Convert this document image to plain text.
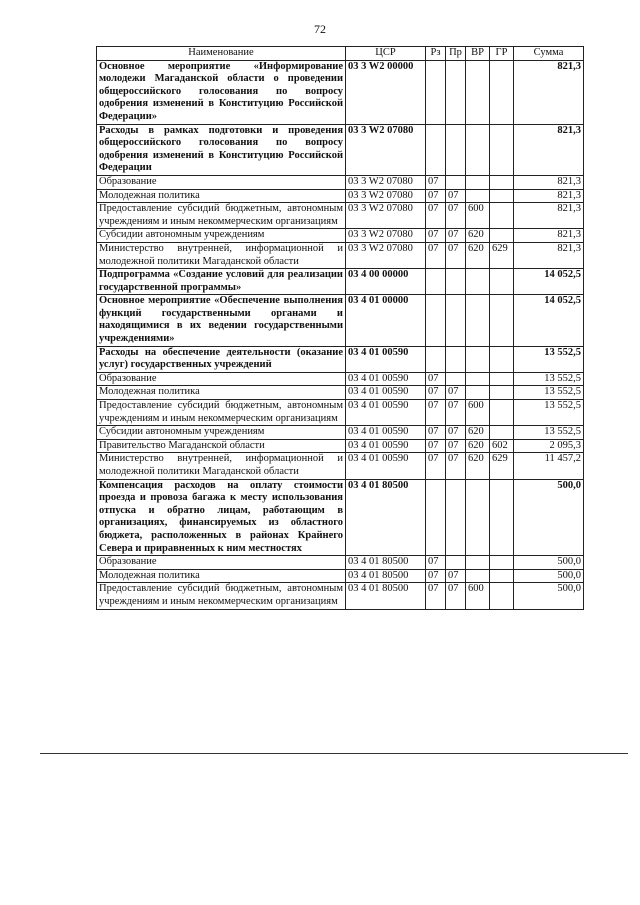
72
Наименование	ЦСР	Рз	Пр	ВР	ГР	Сумма
Основное мероприятие «Информирование молодежи Магаданской области о проведении общероссийского голосования по вопросу одобрения изменений в Конституцию Российской Федерации»	03 3 W2 00000					821,3
Расходы в рамках подготовки и проведения общероссийского голосования по вопросу одобрения изменений в Конституцию Российской Федерации	03 3 W2 07080					821,3
Образование	03 3 W2 07080	07				821,3
Молодежная политика	03 3 W2 07080	07	07			821,3
Предоставление субсидий бюджетным, автономным учреждениям и иным некоммерческим организациям	03 3 W2 07080	07	07	600		821,3
Субсидии автономным учреждениям	03 3 W2 07080	07	07	620		821,3
Министерство внутренней, информационной и молодежной политики Магаданской области	03 3 W2 07080	07	07	620	629	821,3
Подпрограмма «Создание условий для реализации государственной программы»	03 4 00 00000					14 052,5
Основное мероприятие «Обеспечение выполнения функций государственными органами и находящимися в их ведении государственными учреждениями»	03 4 01 00000					14 052,5
Расходы на обеспечение деятельности (оказание услуг) государственных учреждений	03 4 01 00590					13 552,5
Образование	03 4 01 00590	07				13 552,5
Молодежная политика	03 4 01 00590	07	07			13 552,5
Предоставление субсидий бюджетным, автономным учреждениям и иным некоммерческим организациям	03 4 01 00590	07	07	600		13 552,5
Субсидии автономным учреждениям	03 4 01 00590	07	07	620		13 552,5
Правительство Магаданской области	03 4 01 00590	07	07	620	602	2 095,3
Министерство внутренней, информационной и молодежной политики Магаданской области	03 4 01 00590	07	07	620	629	11 457,2
Компенсация расходов на оплату стоимости проезда и провоза багажа к месту использования отпуска и обратно лицам, работающим в организациях, финансируемых из областного бюджета, расположенных в районах Крайнего Севера и приравненных к ним местностях	03 4 01 80500					500,0
Образование	03 4 01 80500	07				500,0
Молодежная политика	03 4 01 80500	07	07			500,0
Предоставление субсидий бюджетным, автономным учреждениям и иным некоммерческим организациям	03 4 01 80500	07	07	600		500,0
